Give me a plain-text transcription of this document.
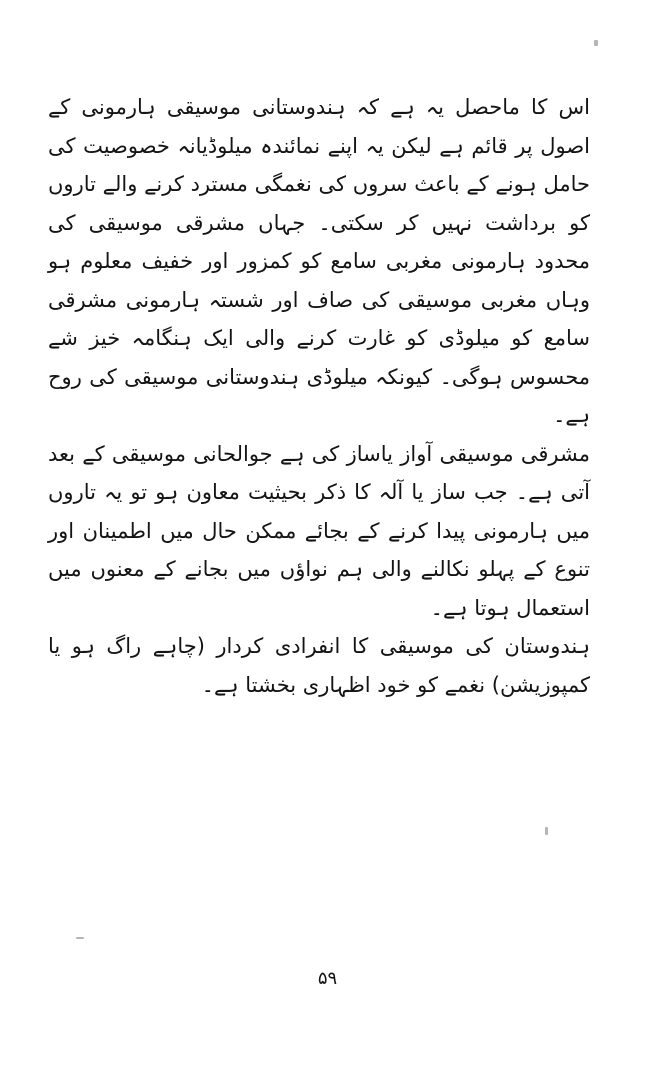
اس کا ماحصل یہ ہے کہ ہندوستانی موسیقی ہارمونی کے اصول پر قائم ہے لیکن یہ اپنے نمائندہ میلوڈیانہ خصوصیت کی حامل ہونے کے باعث سروں کی نغمگی مسترد کرنے والے تاروں کو برداشت نہیں کر سکتی۔ جہاں مشرقی موسیقی کی محدود ہارمونی مغربی سامع کو کمزور اور خفیف معلوم ہو وہاں مغربی موسیقی کی صاف اور شستہ ہارمونی مشرقی سامع کو میلوڈی کو غارت کرنے والی ایک ہنگامہ خیز شے محسوس ہوگی۔ کیونکہ میلوڈی ہندوستانی موسیقی کی روح ہے۔

مشرقی موسیقی آواز یاساز کی ہے جوالحانی موسیقی کے بعد آتی ہے۔ جب ساز یا آلہ کا ذکر بحیثیت معاون ہو تو یہ تاروں میں ہارمونی پیدا کرنے کے بجائے ممکن حال میں اطمینان اور تنوع کے پہلو نکالنے والی ہم نواؤں میں بجانے کے معنوں میں استعمال ہوتا ہے۔

ہندوستان کی موسیقی کا انفرادی کردار (چاہے راگ ہو یا کمپوزیشن) نغمے کو خود اظہاری بخشتا ہے۔

۵۹
